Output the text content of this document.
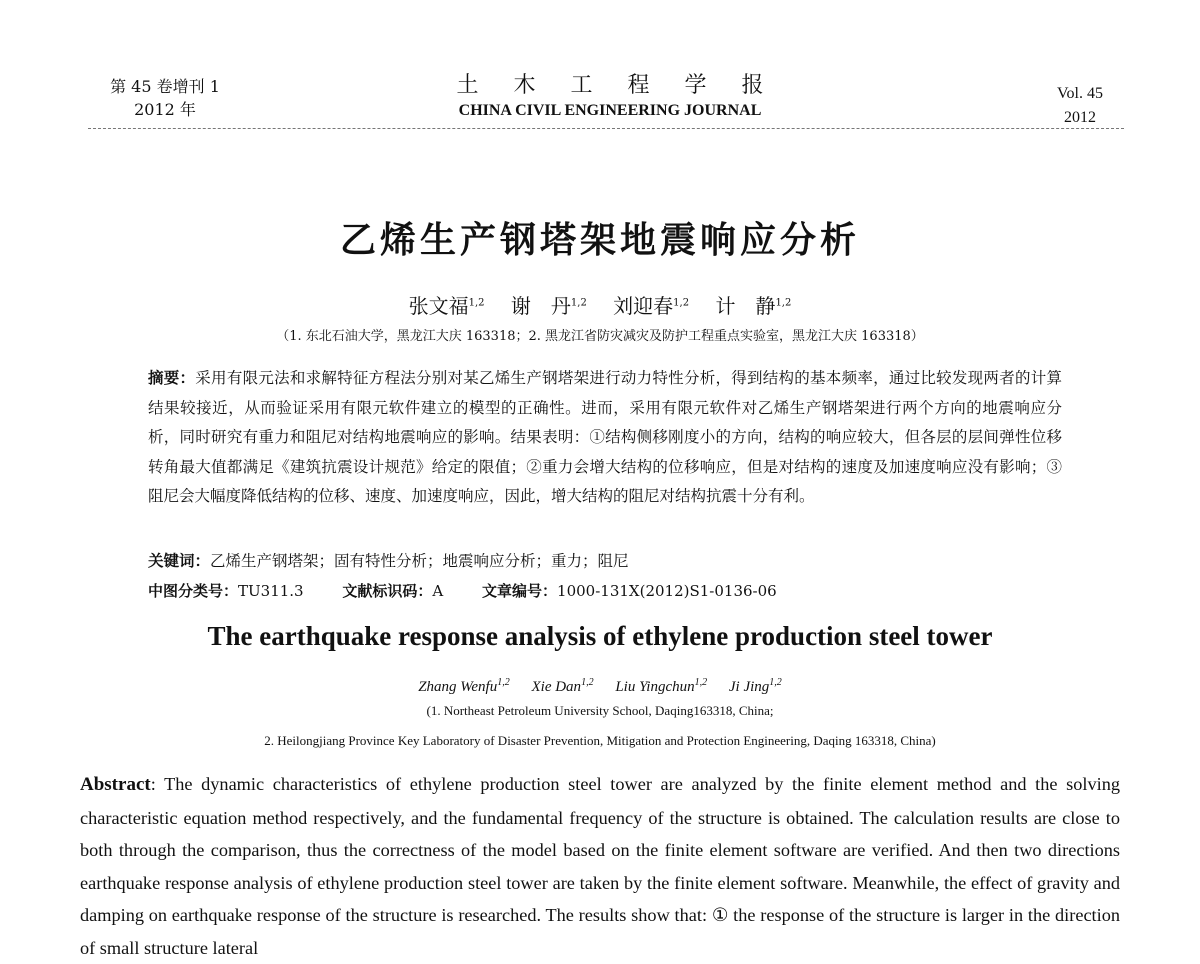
第 45 卷增刊 1
2012 年
土 木 工 程 学 报
CHINA CIVIL ENGINEERING JOURNAL
Vol. 45
2012
乙烯生产钢塔架地震响应分析
张文福$^{1,2}$ 谢　丹$^{1,2}$ 刘迎春$^{1,2}$ 计　静$^{1,2}$
（1. 东北石油大学，黑龙江大庆 163318；2. 黑龙江省防灾减灾及防护工程重点实验室，黑龙江大庆 163318）

摘要：采用有限元法和求解特征方程法分别对某乙烯生产钢塔架进行动力特性分析，得到结构的基本频率，通过比较发现两者的计算结果较接近，从而验证采用有限元软件建立的模型的正确性。进而，采用有限元软件对乙烯生产钢塔架进行两个方向的地震响应分析，同时研究有重力和阻尼对结构地震响应的影响。结果表明：①结构侧移刚度小的方向，结构的响应较大，但各层的层间弹性位移转角最大值都满足《建筑抗震设计规范》给定的限值；②重力会增大结构的位移响应，但是对结构的速度及加速度响应没有影响；③阻尼会大幅度降低结构的位移、速度、加速度响应，因此，增大结构的阻尼对结构抗震十分有利。

关键词：乙烯生产钢塔架；固有特性分析；地震响应分析；重力；阻尼
中图分类号：TU311.3	文献标识码：A	文章编号：1000-131X(2012)S1-0136-06
The earthquake response analysis of ethylene production steel tower
Zhang Wenfu$^{1,2}$ Xie Dan$^{1,2}$ Liu Yingchun$^{1,2}$ Ji Jing$^{1,2}$
(1. Northeast Petroleum University School, Daqing163318, China;
2. Heilongjiang Province Key Laboratory of Disaster Prevention, Mitigation and Protection Engineering, Daqing 163318, China)

Abstract: The dynamic characteristics of ethylene production steel tower are analyzed by the finite element method and the solving characteristic equation method respectively, and the fundamental frequency of the structure is obtained. The calculation results are close to both through the comparison, thus the correctness of the model based on the finite element software are verified. And then two directions earthquake response analysis of ethylene production steel tower are taken by the finite element software. Meanwhile, the effect of gravity and damping on earthquake response of the structure is researched. The results show that: ① the response of the structure is larger in the direction of small structure lateral
